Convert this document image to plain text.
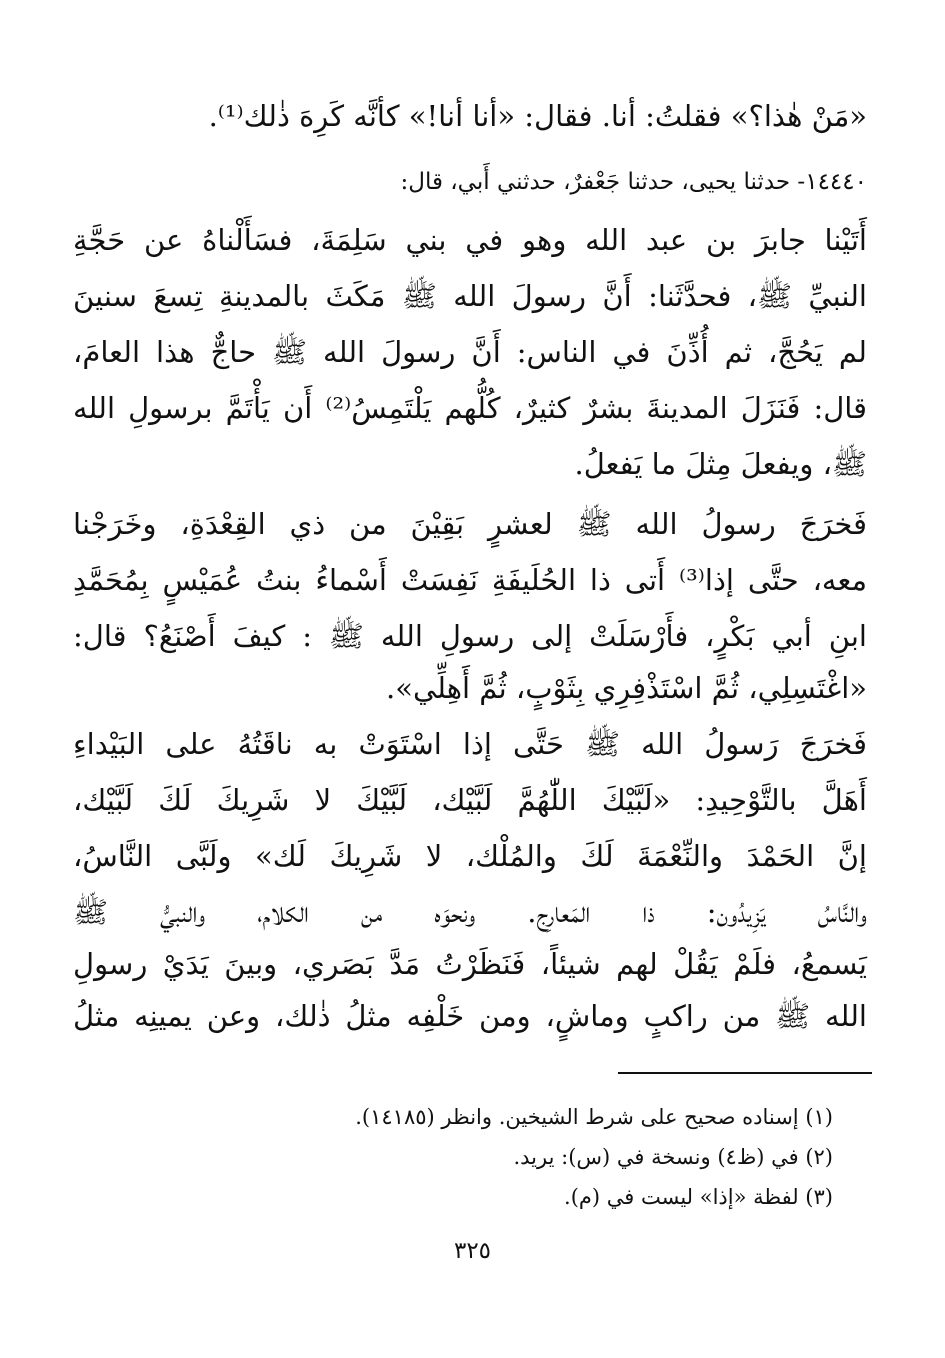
«مَنْ هٰذا؟» فقلتُ: أنا. فقال: «أنا أنا!» كأنَّه كَرِهَ ذٰلك⁽¹⁾.
١٤٤٤٠- حدثنا يحيى، حدثنا جَعْفرٌ، حدثني أَبي، قال:
أَتَيْنا جابرَ بن عبد الله وهو في بني سَلِمَةَ، فسَأَلْناهُ عن حَجَّةِ
النبيِّ ﷺ، فحدَّثَنا: أَنَّ رسولَ الله ﷺ مَكَثَ بالمدينةِ تِسعَ سنينَ
لم يَحُجَّ، ثم أُذِّنَ في الناس: أَنَّ رسولَ الله ﷺ حاجٌّ هذا العامَ،
قال: فَنَزَلَ المدينةَ بشرٌ كثيرٌ، كُلُّهم يَلْتَمِسُ⁽²⁾ أَن يَأْتَمَّ برسولِ الله
ﷺ، ويفعلَ مِثلَ ما يَفعلُ.
فَخرَجَ رسولُ الله ﷺ لعشرٍ بَقِيْنَ من ذي القِعْدَةِ، وخَرَجْنا
معه، حتَّى إذا⁽³⁾ أَتى ذا الحُلَيفَةِ نَفِسَتْ أَسْماءُ بنتُ عُمَيْسٍ بِمُحَمَّدِ
ابنِ أبي بَكْرٍ، فأَرْسَلَتْ إلى رسولِ الله ﷺ : كيفَ أَصْنَعُ؟ قال:
«اغْتَسِلِي، ثُمَّ اسْتَذْفِرِي بِثَوْبٍ، ثُمَّ أَهِلِّي».
فَخرَجَ رَسولُ الله ﷺ حَتَّى إذا اسْتَوَتْ به ناقَتُهُ على البَيْداءِ
أَهَلَّ بالتَّوْحِيدِ: «لَبَّيْكَ اللّٰهُمَّ لَبَّيْك، لَبَّيْكَ لا شَرِيكَ لَكَ لَبَّيْك،
إنَّ الحَمْدَ والنِّعْمَةَ لَكَ والمُلْك، لا شَرِيكَ لَك» ولَبَّى النَّاسُ،
والنَّاسُ يَزِيدُون: ذا المَعارِج. ونحوَه من الكلام، والنبيُّ ﷺ
يَسمعُ، فلَمْ يَقُلْ لهم شيئاً، فَنَظَرْتُ مَدَّ بَصَري، وبينَ يَدَيْ رسولِ
الله ﷺ من راكبٍ وماشٍ، ومن خَلْفِه مثلُ ذٰلك، وعن يمينِه مثلُ
(١) إسناده صحيح على شرط الشيخين. وانظر (١٤١٨٥).
(٢) في (ظ٤) ونسخة في (س): يريد.
(٣) لفظة «إذا» ليست في (م).
٣٢٥
